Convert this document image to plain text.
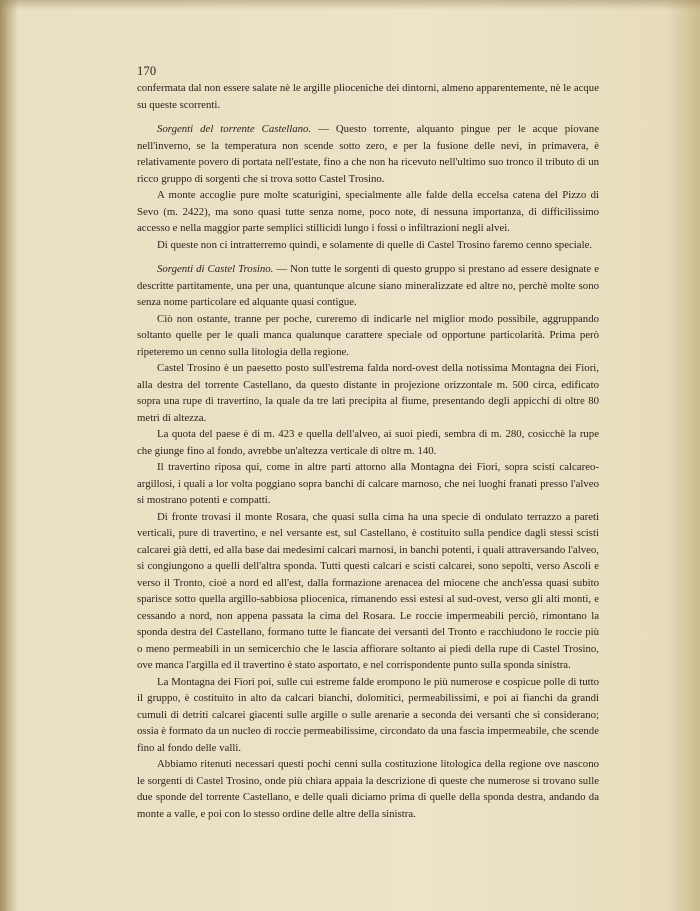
170

confermata dal non essere salate nè le argille plioceniche dei dintorni, almeno apparentemente, nè le acque su queste scorrenti.

Sorgenti del torrente Castellano. — Questo torrente, alquanto pingue per le acque piovane nell'inverno, se la temperatura non scende sotto zero, e per la fusione delle nevi, in primavera, è relativamente povero di portata nell'estate, fino a che non ha ricevuto nell'ultimo suo tronco il tributo di un ricco gruppo di sorgenti che si trova sotto Castel Trosino.

A monte accoglie pure molte scaturigini, specialmente alle falde della eccelsa catena del Pizzo di Sevo (m. 2422), ma sono quasi tutte senza nome, poco note, di nessuna importanza, di difficilissimo accesso e nella maggior parte semplici stillicidi lungo i fossi o infiltrazioni negli alvei.

Di queste non ci intratterremo quindi, e solamente di quelle di Castel Trosino faremo cenno speciale.

Sorgenti di Castel Trosino. — Non tutte le sorgenti di questo gruppo si prestano ad essere designate e descritte partitamente, una per una, quantunque alcune siano mineralizzate ed altre no, perchè molte sono senza nome particolare ed alquante quasi contigue.

Ciò non ostante, tranne per poche, cureremo di indicarle nel miglior modo possibile, aggruppando soltanto quelle per le quali manca qualunque carattere speciale od opportune particolarità. Prima però ripeteremo un cenno sulla litologia della regione.

Castel Trosino è un paesetto posto sull'estrema falda nord-ovest della notissima Montagna dei Fiori, alla destra del torrente Castellano, da questo distante in projezione orizzontale m. 500 circa, edificato sopra una rupe di travertino, la quale da tre lati precipita al fiume, presentando degli appicchi di oltre 80 metri di altezza.

La quota del paese è di m. 423 e quella dell'alveo, ai suoi piedi, sembra di m. 280, cosicchè la rupe che giunge fino al fondo, avrebbe un'altezza verticale di oltre m. 140.

Il travertino riposa qui, come in altre parti attorno alla Montagna dei Fiori, sopra scisti calcareo-argillosi, i quali a lor volta poggiano sopra banchi di calcare marnoso, che nei luoghi franati presso l'alveo si mostrano potenti e compatti.

Di fronte trovasi il monte Rosara, che quasi sulla cima ha una specie di ondulato terrazzo a pareti verticali, pure di travertino, e nel versante est, sul Castellano, è costituito sulla pendice dagli stessi scisti calcarei già detti, ed alla base dai medesimi calcari marnosi, in banchi potenti, i quali attraversando l'alveo, si congiungono a quelli dell'altra sponda. Tutti questi calcari e scisti calcarei, sono sepolti, verso Ascoli e verso il Tronto, cioè a nord ed all'est, dalla formazione arenacea del miocene che anch'essa quasi subito sparisce sotto quella argillo-sabbiosa pliocenica, rimanendo essi estesi al sud-ovest, verso gli alti monti, e cessando a nord, non appena passata la cima del Rosara. Le roccie impermeabili perciò, rimontano la sponda destra del Castellano, formano tutte le fiancate dei versanti del Tronto e racchiudono le roccie più o meno permeabili in un semicerchio che le lascia affiorare soltanto ai piedi della rupe di Castel Trosino, ove manca l'argilla ed il travertino è stato asportato, e nel corrispondente punto sulla sponda sinistra.

La Montagna dei Fiori poi, sulle cui estreme falde erompono le più numerose e cospicue polle di tutto il gruppo, è costituito in alto da calcari bianchi, dolomitici, permeabilissimi, e poi ai fianchi da grandi cumuli di detriti calcarei giacenti sulle argille o sulle arenarie a seconda dei versanti che si considerano; ossia è formato da un nucleo di roccie permeabilissime, circondato da una fascia impermeabile, che scende fino al fondo delle valli.

Abbiamo ritenuti necessari questi pochi cenni sulla costituzione litologica della regione ove nascono le sorgenti di Castel Trosino, onde più chiara appaia la descrizione di queste che numerose si trovano sulle due sponde del torrente Castellano, e delle quali diciamo prima di quelle della sponda destra, andando da monte a valle, e poi con lo stesso ordine delle altre della sinistra.
